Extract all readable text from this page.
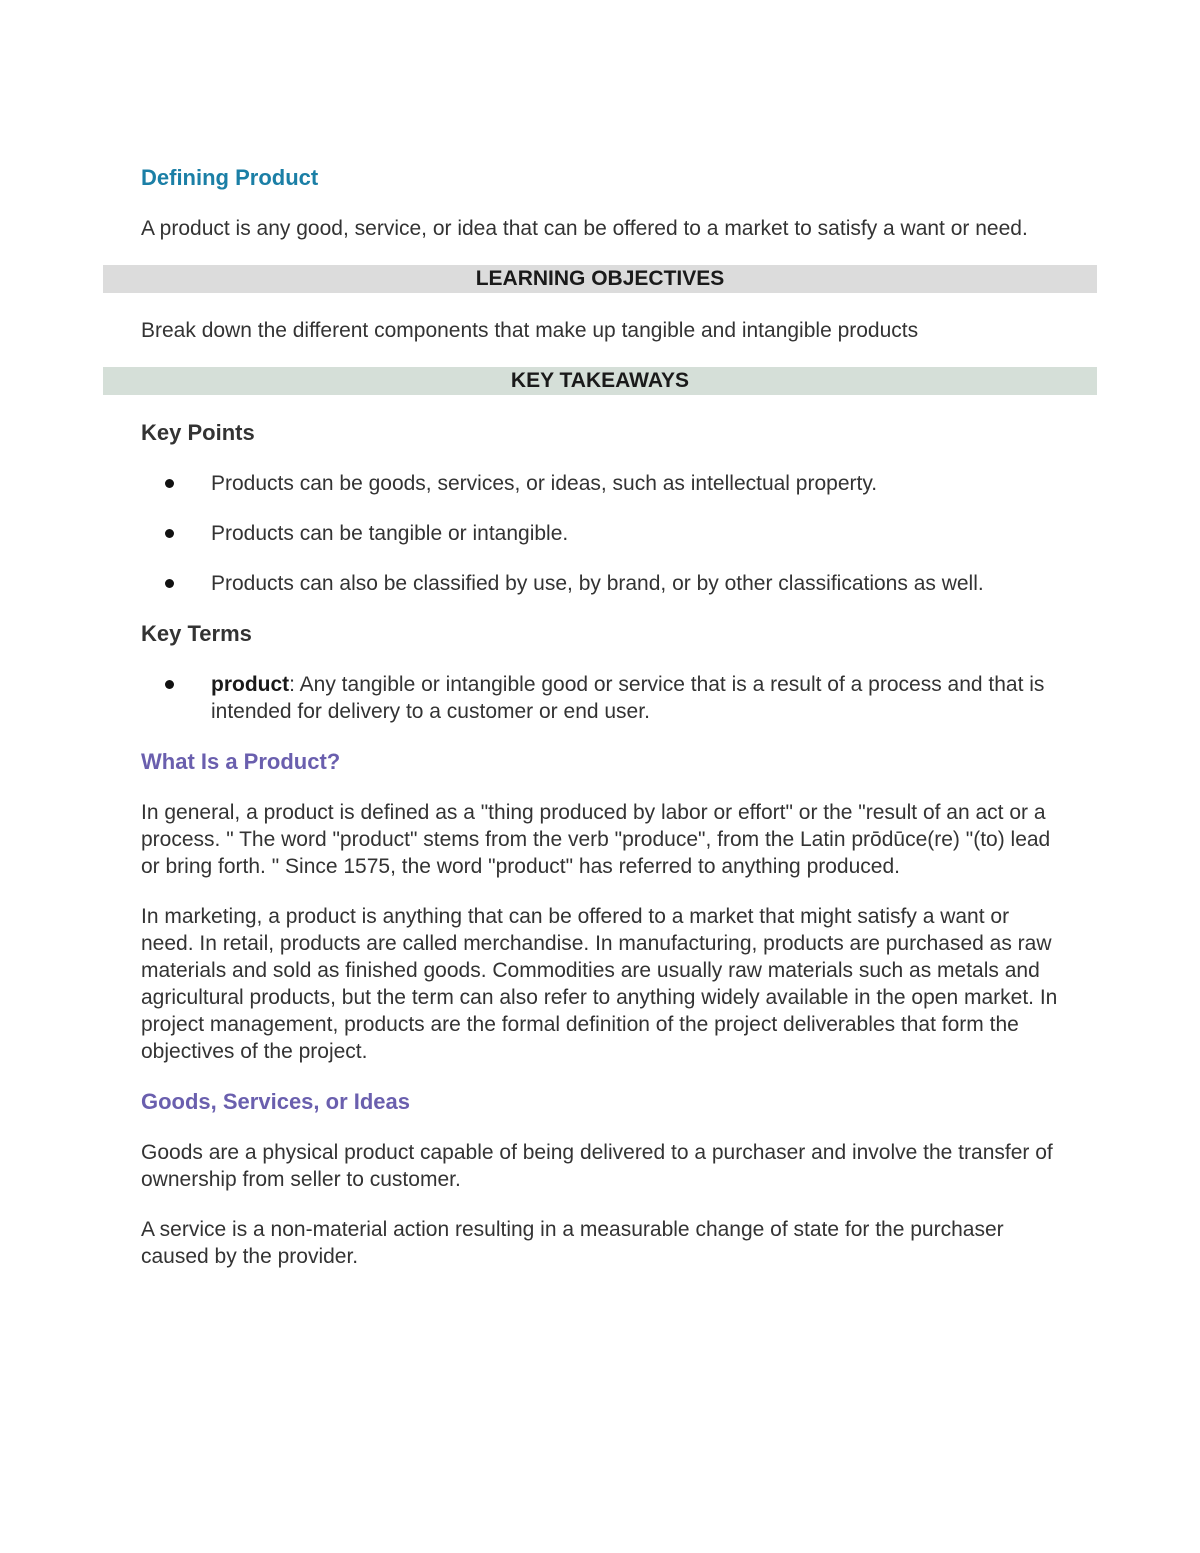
Defining Product

A product is any good, service, or idea that can be offered to a market to satisfy a want or need.

LEARNING OBJECTIVES

Break down the different components that make up tangible and intangible products

KEY TAKEAWAYS
Key Points
Products can be goods, services, or ideas, such as intellectual property.
Products can be tangible or intangible.
Products can also be classified by use, by brand, or by other classifications as well.
Key Terms
product: Any tangible or intangible good or service that is a result of a process and that is intended for delivery to a customer or end user.
What Is a Product?

In general, a product is defined as a "thing produced by labor or effort" or the "result of an act or a process. " The word "product" stems from the verb "produce", from the Latin prōdūce(re) "(to) lead or bring forth. " Since 1575, the word "product" has referred to anything produced.

In marketing, a product is anything that can be offered to a market that might satisfy a want or need. In retail, products are called merchandise. In manufacturing, products are purchased as raw materials and sold as finished goods. Commodities are usually raw materials such as metals and agricultural products, but the term can also refer to anything widely available in the open market. In project management, products are the formal definition of the project deliverables that form the objectives of the project.

Goods, Services, or Ideas

Goods are a physical product capable of being delivered to a purchaser and involve the transfer of ownership from seller to customer.

A service is a non-material action resulting in a measurable change of state for the purchaser caused by the provider.
